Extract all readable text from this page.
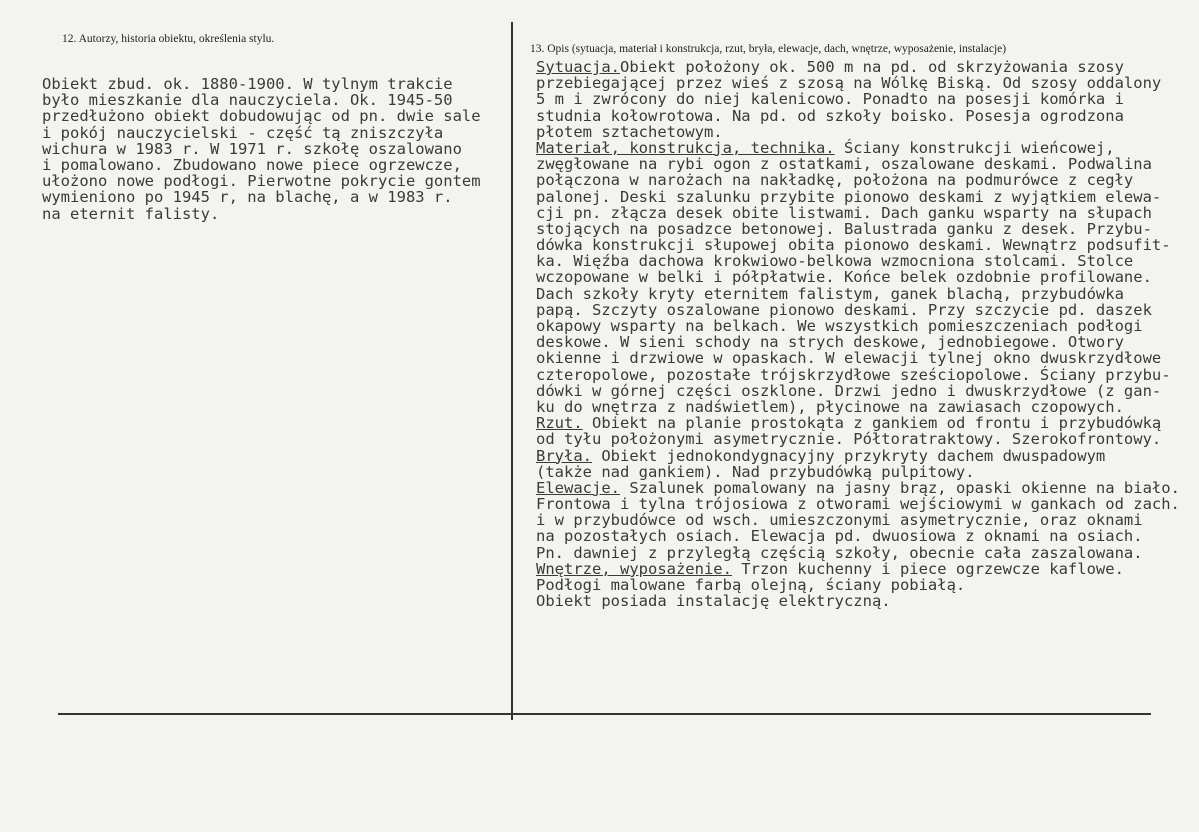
12. Autorzy, historia obiektu, określenia stylu.
13. Opis (sytuacja, materiał i konstrukcja, rzut, bryła, elewacje, dach, wnętrze, wyposażenie, instalacje)
Obiekt zbud. ok. 1880-1900. W tylnym trakcie
było mieszkanie dla nauczyciela. Ok. 1945-50
przedłużono obiekt dobudowując od pn. dwie sale
i pokój nauczycielski - część tą zniszczyła
wichura w 1983 r. W 1971 r. szkołę oszalowano
i pomalowano. Zbudowano nowe piece ogrzewcze,
ułożono nowe podłogi. Pierwotne pokrycie gontem
wymieniono po 1945 r, na blachę, a w 1983 r.
na eternit falisty.
Sytuacja.Obiekt położony ok. 500 m na pd. od skrzyżowania szosy
przebiegającej przez wieś z szosą na Wólkę Biską. Od szosy oddalony
5 m i zwrócony do niej kalenicowo. Ponadto na posesji komórka i
studnia kołowrotowa. Na pd. od szkoły boisko. Posesja ogrodzona
płotem sztachetowym.
Materiał, konstrukcja, technika. Ściany konstrukcji wieńcowej,
zwęgłowane na rybi ogon z ostatkami, oszalowane deskami. Podwalina
połączona w narożach na nakładkę, położona na podmurówce z cegły
palonej. Deski szalunku przybite pionowo deskami z wyjątkiem elewa-
cji pn. złącza desek obite listwami. Dach ganku wsparty na słupach
stojących na posadzce betonowej. Balustrada ganku z desek. Przybu-
dówka konstrukcji słupowej obita pionowo deskami. Wewnątrz podsufit-
ka. Więźba dachowa krokwiowo-belkowa wzmocniona stolcami. Stolce
wczopowane w belki i półpłatwie. Końce belek ozdobnie profilowane.
Dach szkoły kryty eternitem falistym, ganek blachą, przybudówka
papą. Szczyty oszalowane pionowo deskami. Przy szczycie pd. daszek
okapowy wsparty na belkach. We wszystkich pomieszczeniach podłogi
deskowe. W sieni schody na strych deskowe, jednobiegowe. Otwory
okienne i drzwiowe w opaskach. W elewacji tylnej okno dwuskrzydłowe
czteropolowe, pozostałe trójskrzydłowe sześciopolowe. Ściany przybu-
dówki w górnej części oszklone. Drzwi jedno i dwuskrzydłowe (z gan-
ku do wnętrza z nadświetlem), płycinowe na zawiasach czopowych.
Rzut. Obiekt na planie prostokąta z gankiem od frontu i przybudówką
od tyłu położonymi asymetrycznie. Półtoratraktowy. Szerokofrontowy.
Bryła. Obiekt jednokondygnacyjny przykryty dachem dwuspadowym
(także nad gankiem). Nad przybudówką pulpitowy.
Elewacje. Szalunek pomalowany na jasny brąz, opaski okienne na biało.
Frontowa i tylna trójosiowa z otworami wejściowymi w gankach od zach.
i w przybudówce od wsch. umieszczonymi asymetrycznie, oraz oknami
na pozostałych osiach. Elewacja pd. dwuosiowa z oknami na osiach.
Pn. dawniej z przyległą częścią szkoły, obecnie cała zaszalowana.
Wnętrze, wyposażenie. Trzon kuchenny i piece ogrzewcze kaflowe.
Podłogi malowane farbą olejną, ściany pobiałą.
Obiekt posiada instalację elektryczną.
